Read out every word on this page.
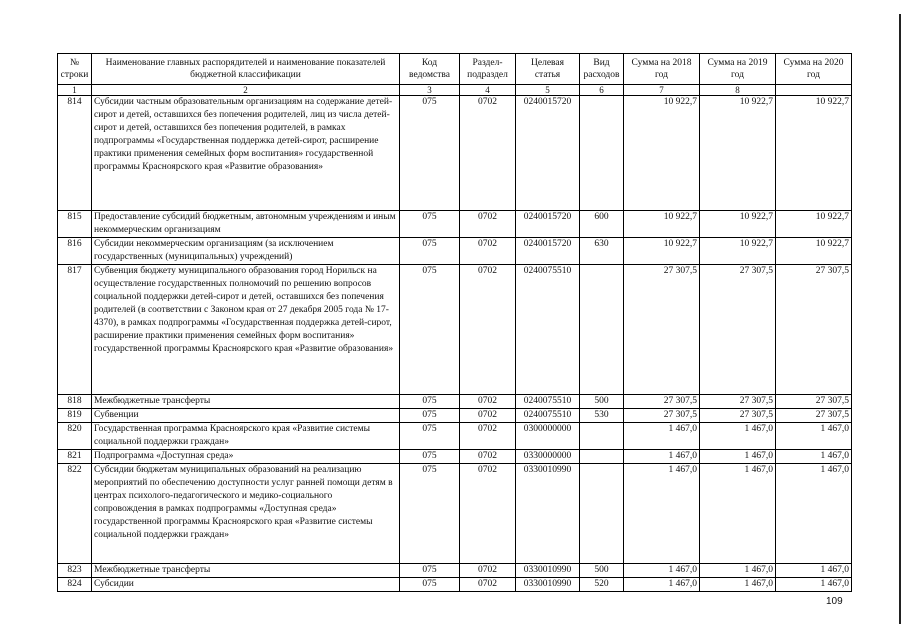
№ строки	Наименование главных распорядителей и наименование показателей бюджетной классификации	Код ведомства	Раздел-подраздел	Целевая статья	Вид расходов	Сумма на 2018 год	Сумма на 2019 год	Сумма на 2020 год
1	2	3	4	5	6	7	8	
814	Субсидии частным образовательным организациям на содержание детей-сирот и детей, оставшихся без попечения родителей, лиц из числа детей-сирот и детей, оставшихся без попечения родителей, в рамках подпрограммы «Государственная поддержка детей-сирот, расширение практики применения семейных форм воспитания» государственной программы Красноярского края «Развитие образования»	075	0702	0240015720		10 922,7	10 922,7	10 922,7
815	Предоставление субсидий бюджетным, автономным учреждениям и иным некоммерческим организациям	075	0702	0240015720	600	10 922,7	10 922,7	10 922,7
816	Субсидии некоммерческим организациям (за исключением государственных (муниципальных) учреждений)	075	0702	0240015720	630	10 922,7	10 922,7	10 922,7
817	Субвенция бюджету муниципального образования город Норильск на осуществление государственных полномочий по решению вопросов социальной поддержки детей-сирот и детей, оставшихся без попечения родителей (в соответствии с Законом края от 27 декабря 2005 года № 17-4370), в рамках подпрограммы «Государственная поддержка детей-сирот, расширение практики применения семейных форм воспитания» государственной программы Красноярского края «Развитие образования»	075	0702	0240075510		27 307,5	27 307,5	27 307,5
818	Межбюджетные трансферты	075	0702	0240075510	500	27 307,5	27 307,5	27 307,5
819	Субвенции	075	0702	0240075510	530	27 307,5	27 307,5	27 307,5
820	Государственная программа Красноярского края «Развитие системы социальной поддержки граждан»	075	0702	0300000000		1 467,0	1 467,0	1 467,0
821	Подпрограмма «Доступная среда»	075	0702	0330000000		1 467,0	1 467,0	1 467,0
822	Субсидии бюджетам муниципальных образований на реализацию мероприятий по обеспечению доступности услуг ранней помощи детям в центрах психолого-педагогического и медико-социального сопровождения в рамках подпрограммы «Доступная среда» государственной программы Красноярского края «Развитие системы социальной поддержки граждан»	075	0702	0330010990		1 467,0	1 467,0	1 467,0
823	Межбюджетные трансферты	075	0702	0330010990	500	1 467,0	1 467,0	1 467,0
824	Субсидии	075	0702	0330010990	520	1 467,0	1 467,0	1 467,0
109
